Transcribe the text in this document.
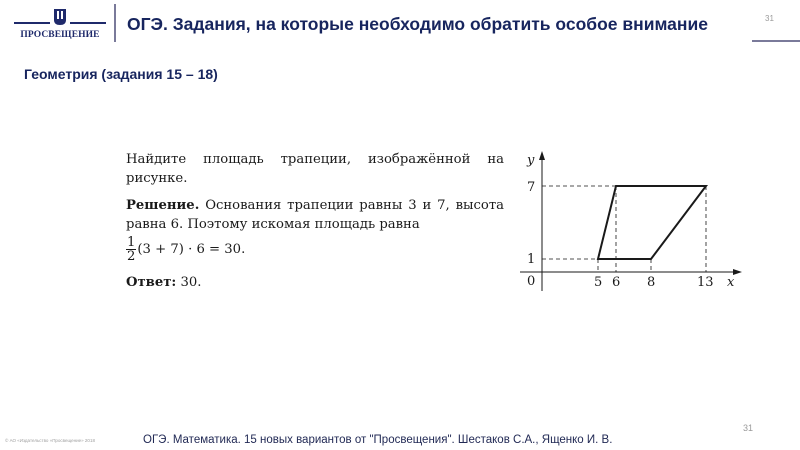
ПРОСВЕЩЕНИЕ
ОГЭ. Задания, на которые необходимо обратить особое внимание	31
Геометрия (задания 15 – 18)

Найдите площадь трапеции, изображённой на рисунке.

Решение. Основания трапеции равны 3 и 7, высота равна 6. Поэтому искомая площадь равна

$\frac{1}{2} (3 + 7) \cdot 6 = 30$.

Ответ: 30.

y
7
1
0	5 6 8	13 x
© АО «Издательство «Просвещение» 2018	ОГЭ. Математика. 15 новых вариантов от "Просвещения". Шестаков С.А., Ященко И. В.
31
